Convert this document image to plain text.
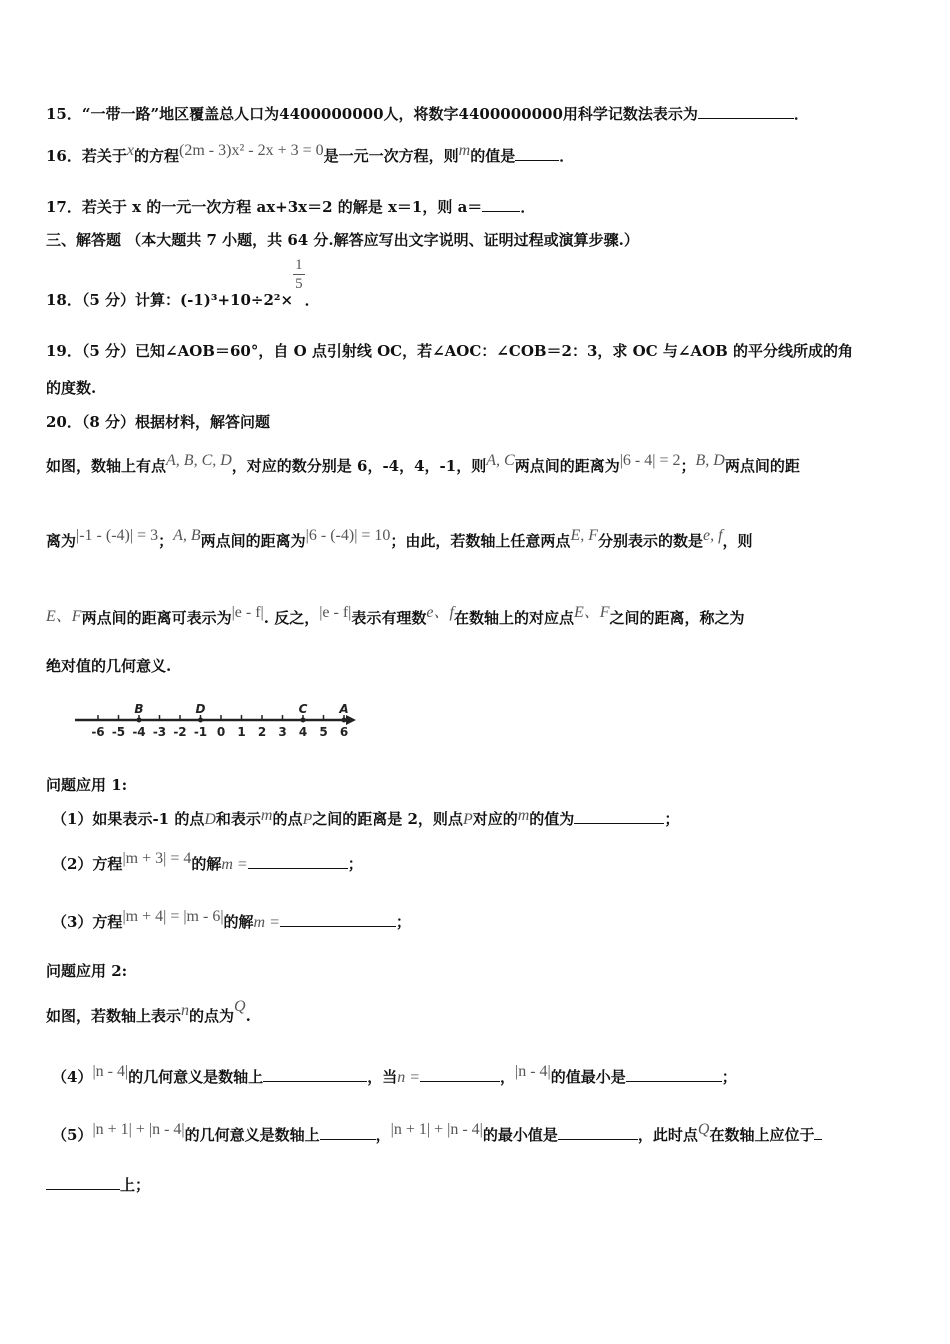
15．“一带一路”地区覆盖总人口为4400000000人，将数字4400000000用科学记数法表示为	．
16．若关于x的方程(2m - 3)x² - 2x + 3 = 0是一元一次方程，则m的值是	．
17．若关于 x 的一元一次方程 ax+3x＝2 的解是 x＝1，则 a＝	．
三、解答题 （本大题共 7 小题，共 64 分.解答应写出文字说明、证明过程或演算步骤.）
18．（5 分）计算：(-1)³+10÷2²×
$\frac{1}{5}$
．
19．（5 分）已知∠AOB＝60°，自 O 点引射线 OC，若∠AOC：∠COB＝2：3，求 OC 与∠AOB 的平分线所成的角
的度数.
20．（8 分）根据材料，解答问题
如图，数轴上有点A, B, C, D，对应的数分别是 6，-4，4，-1，则A, C两点间的距离为|6 - 4| = 2；B, D两点间的距
离为|-1 - (-4)| = 3；A, B两点间的距离为|6 - (-4)| = 10；由此，若数轴上任意两点E, F分别表示的数是e, f，则
E、F两点间的距离可表示为|e - f|. 反之，|e - f|表示有理数e、f在数轴上的对应点E、F之间的距离，称之为
绝对值的几何意义.
-6 -5 -4 -3 -2 -1 0 1 2 3 4 5 6
B	D	C	A
问题应用 1:
（1）如果表示-1 的点D和表示m的点P之间的距离是 2，则点P对应的m的值为	；
（2）方程|m + 3| = 4的解m =	；
（3）方程|m + 4| = |m - 6|的解m =	；
问题应用 2:
如图，若数轴上表示n的点为Q.
（4）|n - 4|的几何意义是数轴上	，当n =	，|n - 4|的值最小是	；
（5）|n + 1| + |n - 4|的几何意义是数轴上	，|n + 1| + |n - 4|的最小值是	，此时点Q在数轴上应位于
上；
